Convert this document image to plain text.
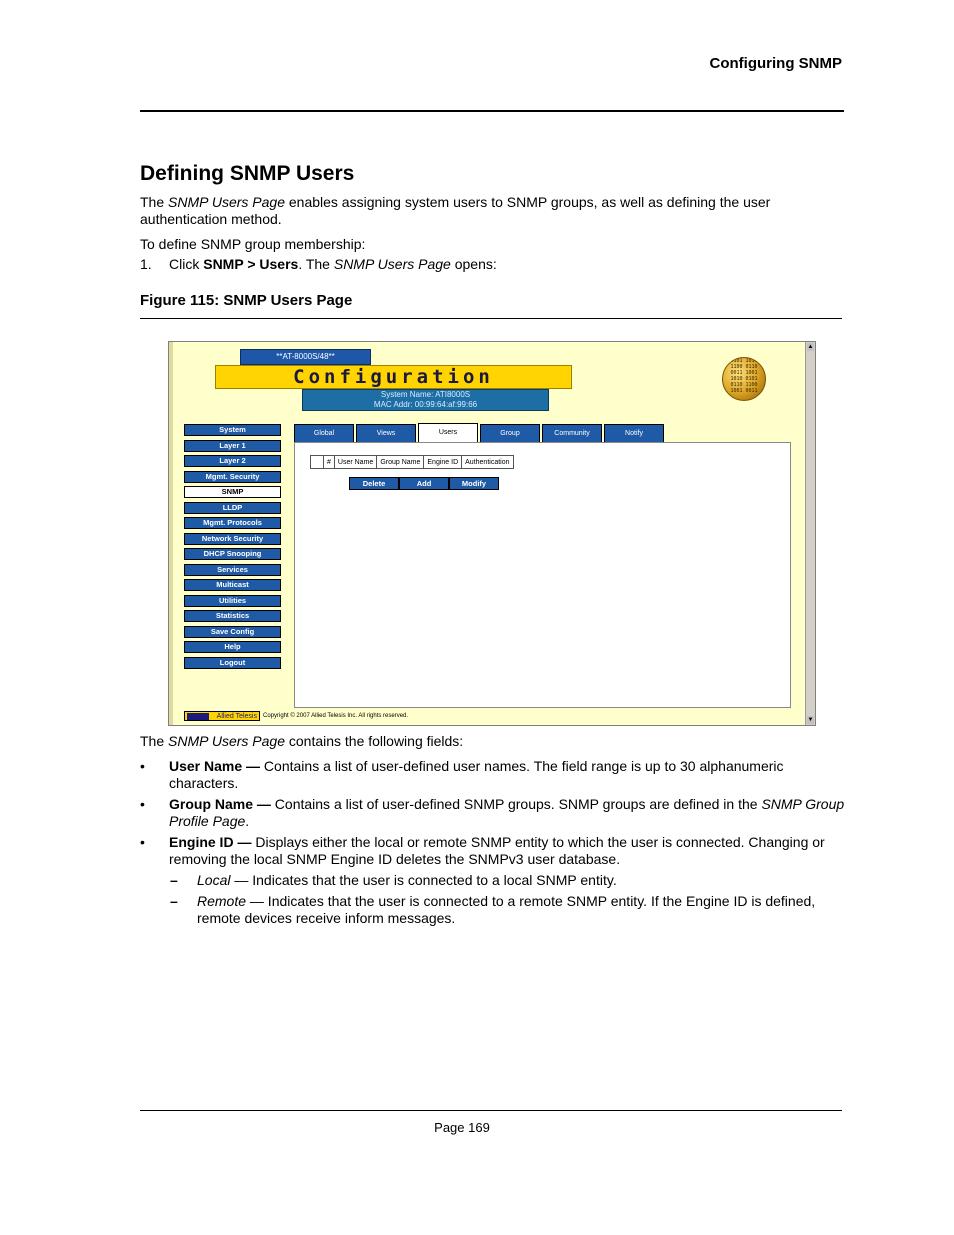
Configuring SNMP
Defining SNMP Users
The SNMP Users Page enables assigning system users to SNMP groups, as well as defining the user authentication method.
To define SNMP group membership:
1. Click SNMP > Users. The SNMP Users Page opens:
Figure 115: SNMP Users Page
**AT-8000S/48**
Configuration
System Name: ATI8000S
MAC Addr: 00:99:64:af:99:66
0101 1010
1100 0110
0011 1001
1010 0101
0110 1100
1001 0011
System
Layer 1
Layer 2
Mgmt. Security
SNMP
LLDP
Mgmt. Protocols
Network Security
DHCP Snooping
Services
Multicast
Utilities
Statistics
Save Config
Help
Logout
Global	Views	Users	Group	Community	Notify
	#	User Name	Group Name	Engine ID	Authentication
Delete	Add	Modify
Allied Telesis	Copyright © 2007 Allied Telesis Inc. All rights reserved.
▲
▼
The SNMP Users Page contains the following fields:
• User Name — Contains a list of user-defined user names. The field range is up to 30 alphanumeric characters.
• Group Name — Contains a list of user-defined SNMP groups. SNMP groups are defined in the SNMP Group Profile Page.
• Engine ID — Displays either the local or remote SNMP entity to which the user is connected. Changing or removing the local SNMP Engine ID deletes the SNMPv3 user database.
– Local — Indicates that the user is connected to a local SNMP entity.
– Remote — Indicates that the user is connected to a remote SNMP entity. If the Engine ID is defined, remote devices receive inform messages.
Page 169
